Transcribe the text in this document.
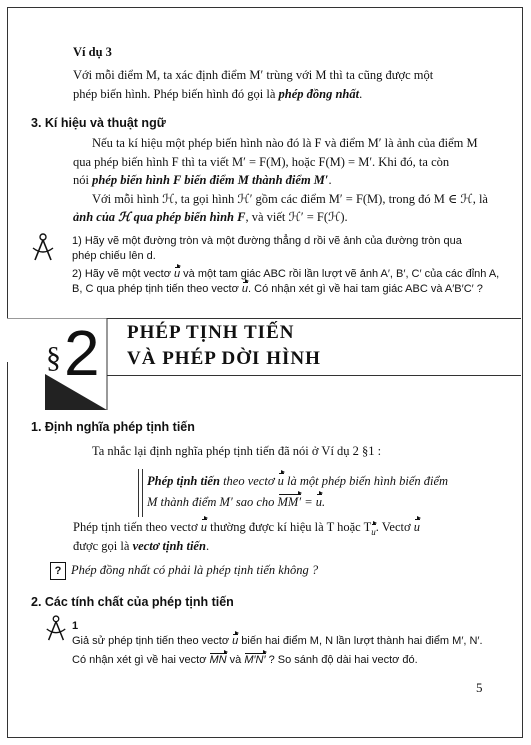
Ví dụ 3
Với mỗi điểm M, ta xác định điểm M′ trùng với M thì ta cũng được một
phép biến hình. Phép biến hình đó gọi là phép đồng nhất.
3. Kí hiệu và thuật ngữ
Nếu ta kí hiệu một phép biến hình nào đó là F và điểm M′ là ảnh của điểm M
qua phép biến hình F thì ta viết M′ = F(M), hoặc F(M) = M′. Khi đó, ta còn
nói phép biến hình F biến điểm M thành điểm M′.
Với mỗi hình ℋ, ta gọi hình ℋ′ gồm các điểm M′ = F(M), trong đó M ∈ ℋ, là
ảnh của ℋ qua phép biến hình F, và viết ℋ′ = F(ℋ).
1) Hãy vẽ một đường tròn và một đường thẳng d rồi vẽ ảnh của đường tròn qua
phép chiếu lên d.
2) Hãy vẽ một vectơ u và một tam giác ABC rồi lần lượt vẽ ảnh A′, B′, C′ của các đỉnh A,
B, C qua phép tịnh tiến theo vectơ u. Có nhận xét gì về hai tam giác ABC và A′B′C′ ?
§ 2 PHÉP TỊNH TIẾN
VÀ PHÉP DỜI HÌNH
1. Định nghĩa phép tịnh tiến
Ta nhắc lại định nghĩa phép tịnh tiến đã nói ở Ví dụ 2 §1 :
Phép tịnh tiến theo vectơ u là một phép biến hình biến điểm
M thành điểm M′ sao cho MM′ = u.
Phép tịnh tiến theo vectơ u thường được kí hiệu là T hoặc $T_u$. Vectơ u
được gọi là vectơ tịnh tiến.
? Phép đồng nhất có phải là phép tịnh tiến không ?
2. Các tính chất của phép tịnh tiến
1
Giả sử phép tịnh tiến theo vectơ u biến hai điểm M, N lần lượt thành hai điểm M′, N′.
Có nhận xét gì về hai vectơ MN và M′N′ ? So sánh độ dài hai vectơ đó.
5
